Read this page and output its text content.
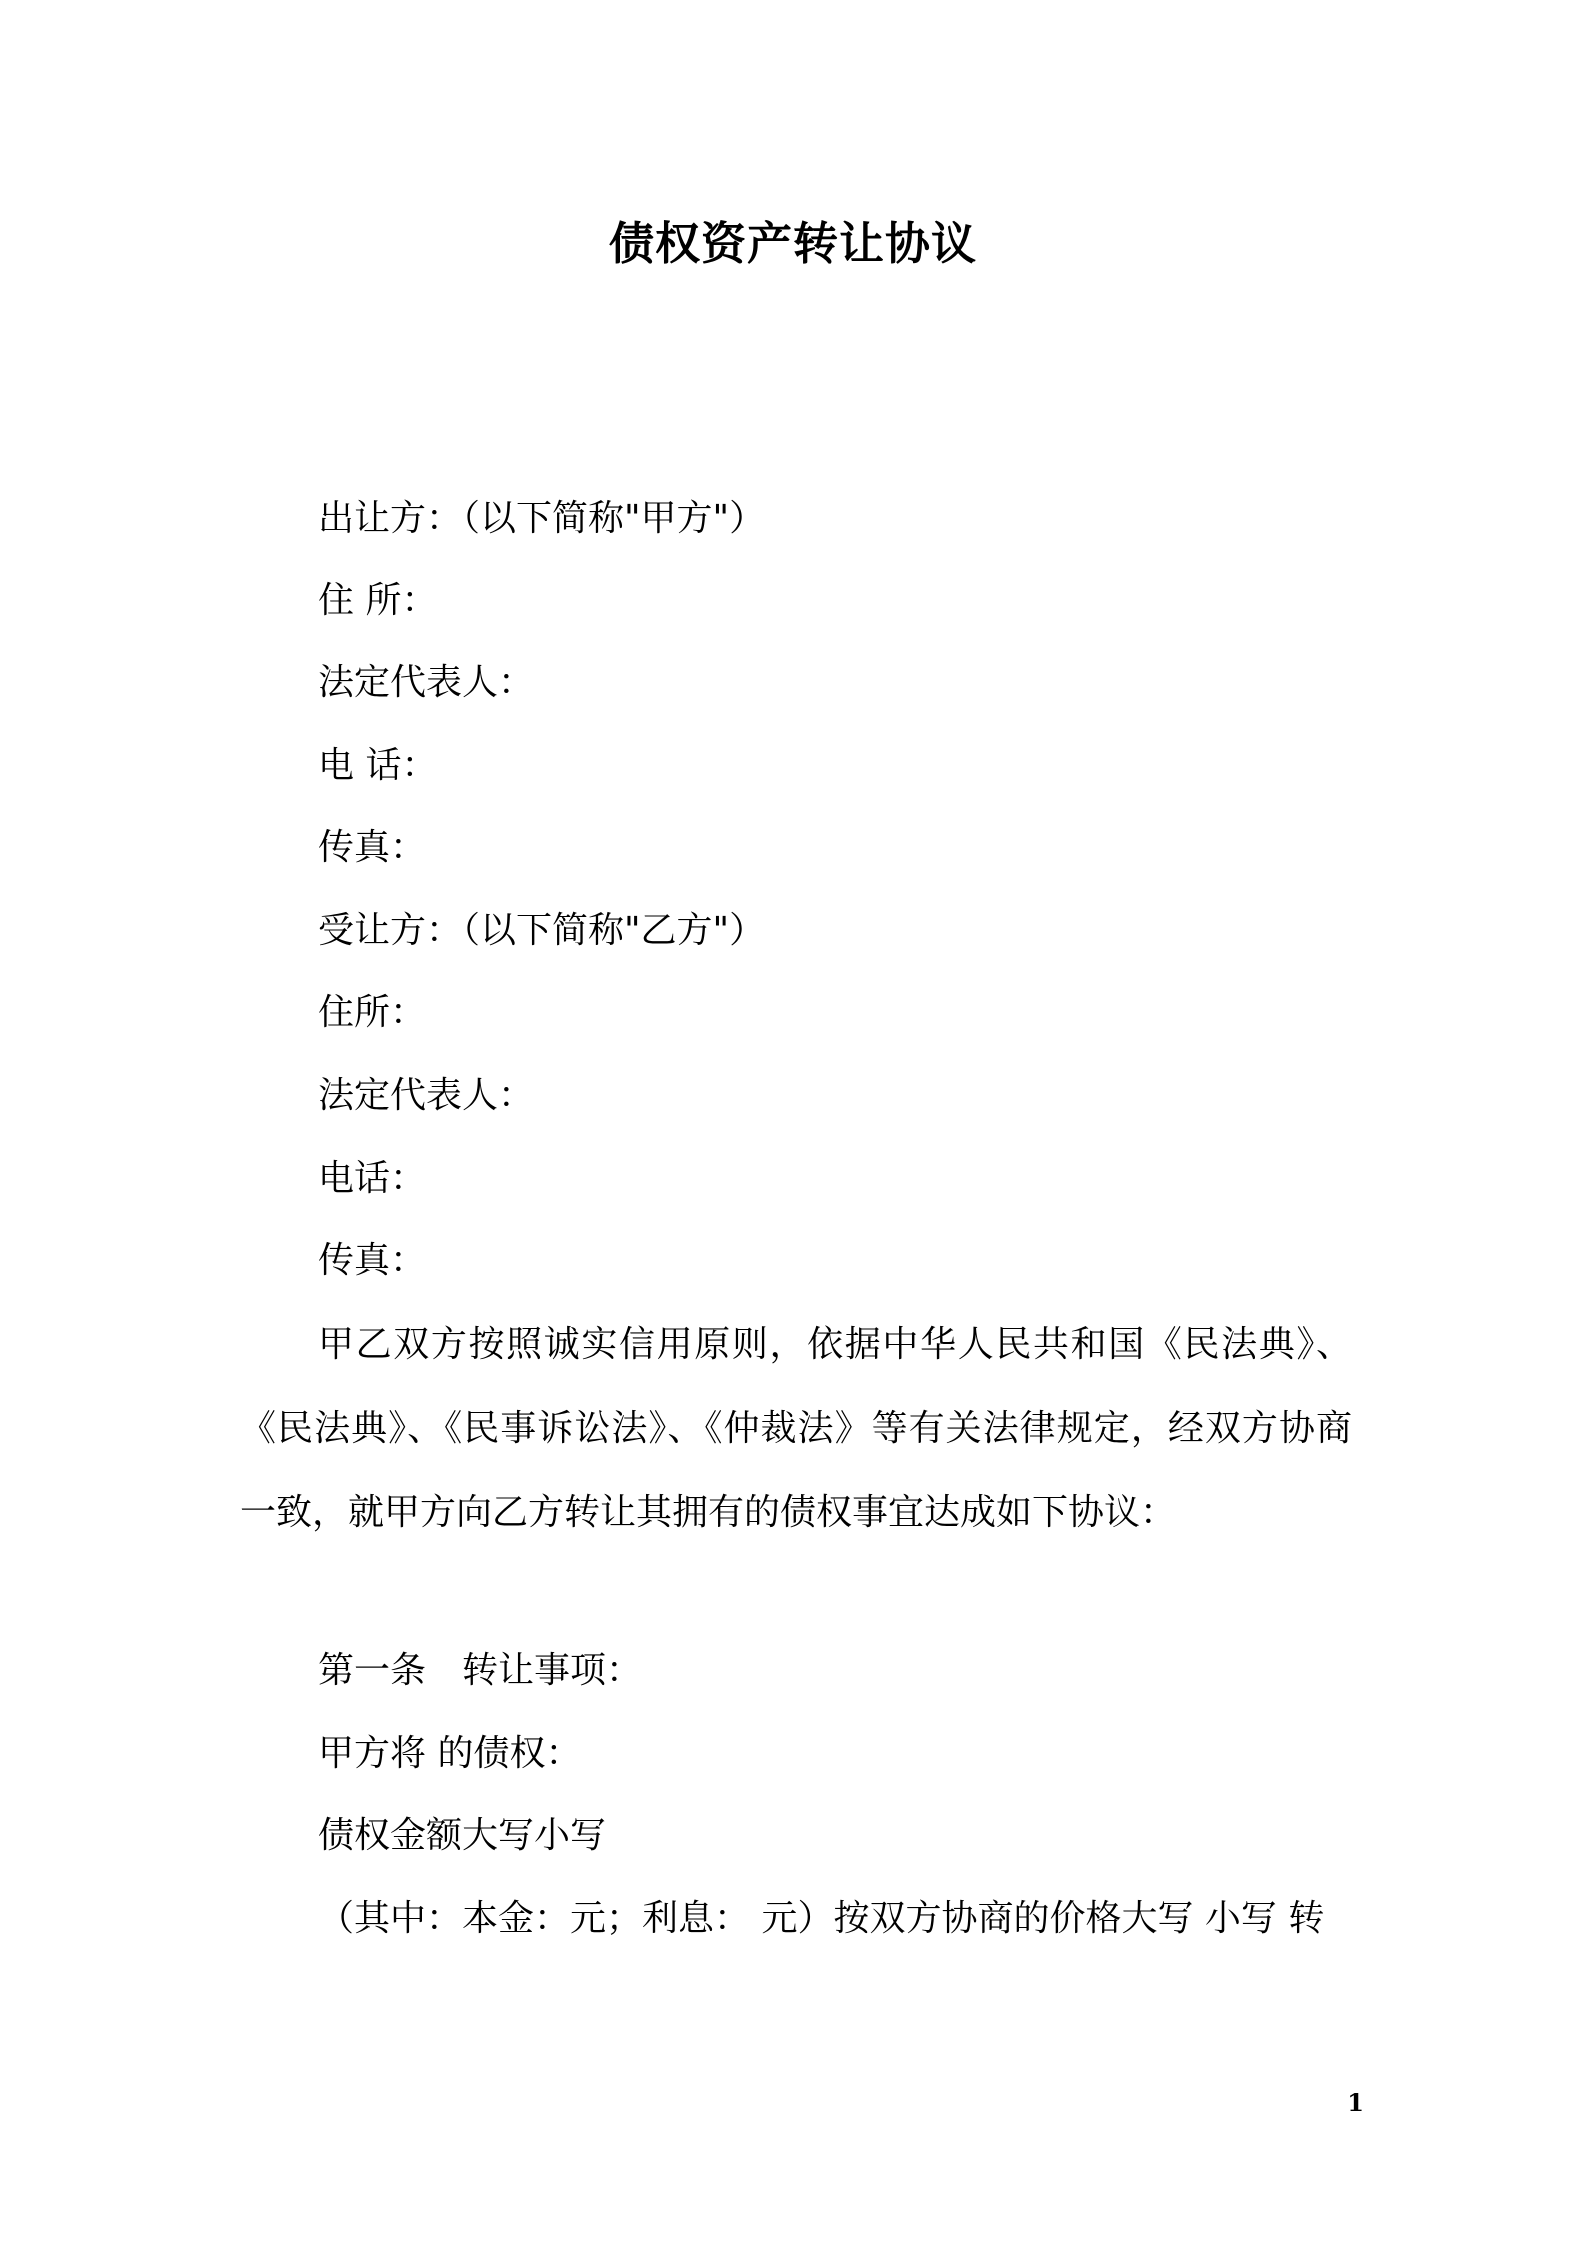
债权资产转让协议
出让方：（以下简称"甲方"）
住 所：
法定代表人：
电 话：
传真：
受让方：（以下简称"乙方"）
住所：
法定代表人：
电话：
传真：
甲乙双方按照诚实信用原则，依据中华人民共和国《民法典》、《民法典》、《民事诉讼法》、《仲裁法》等有关法律规定，经双方协商一致，就甲方向乙方转让其拥有的债权事宜达成如下协议：
第一条　转让事项：
甲方将 的债权：
债权金额大写小写
（其中：本金：元；利息： 元）按双方协商的价格大写 小写 转
1
